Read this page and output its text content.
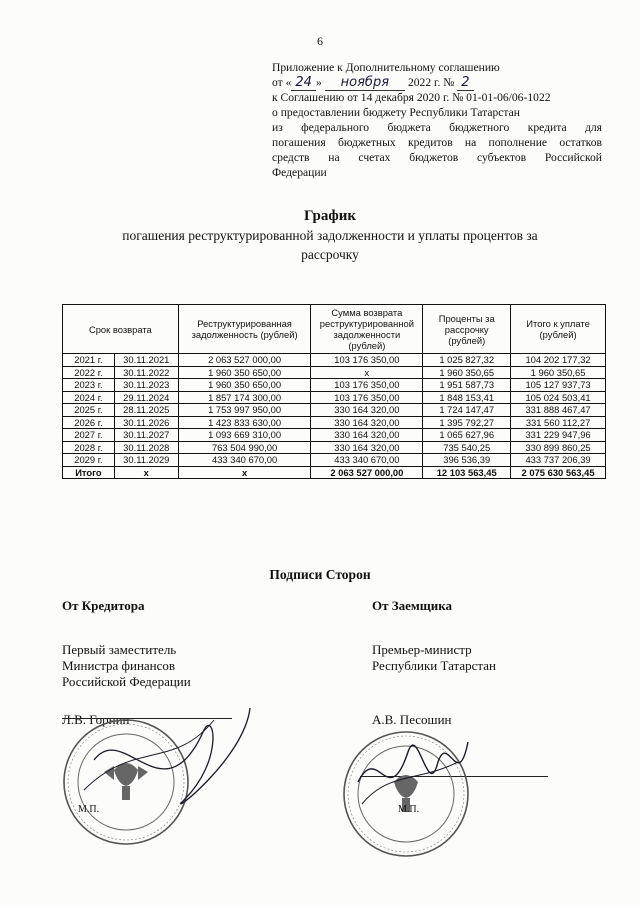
6
Приложение к Дополнительному соглашению
от « 24 » ноября 2022 г. № 2
к Соглашению от 14 декабря 2020 г. № 01-01-06/06-1022
о предоставлении бюджету Республики Татарстан
из федерального бюджета бюджетного кредита для
погашения бюджетных кредитов на пополнение остатков
средств на счетах бюджетов субъектов Российской
Федерации
График
погашения реструктурированной задолженности и уплаты процентов за
рассрочку
Срок возврата		Реструктурированная задолженность (рублей)	Сумма возврата реструктурированной задолженности (рублей)	Проценты за рассрочку (рублей)	Итого к уплате (рублей)
2021 г.	30.11.2021	2 063 527 000,00	103 176 350,00	1 025 827,32	104 202 177,32
2022 г.	30.11.2022	1 960 350 650,00	x	1 960 350,65	1 960 350,65
2023 г.	30.11.2023	1 960 350 650,00	103 176 350,00	1 951 587,73	105 127 937,73
2024 г.	29.11.2024	1 857 174 300,00	103 176 350,00	1 848 153,41	105 024 503,41
2025 г.	28.11.2025	1 753 997 950,00	330 164 320,00	1 724 147,47	331 888 467,47
2026 г.	30.11.2026	1 423 833 630,00	330 164 320,00	1 395 792,27	331 560 112,27
2027 г.	30.11.2027	1 093 669 310,00	330 164 320,00	1 065 627,96	331 229 947,96
2028 г.	30.11.2028	763 504 990,00	330 164 320,00	735 540,25	330 899 860,25
2029 г.	30.11.2029	433 340 670,00	433 340 670,00	396 536,39	433 737 206,39
Итого	x	x	2 063 527 000,00	12 103 563,45	2 075 630 563,45
Подписи Сторон
От Кредитора
Первый заместитель
Министра финансов
Российской Федерации
Л.В. Горнин
От Заемщика
Премьер-министр
Республики Татарстан
А.В. Песошин
М.П.	М.П.
